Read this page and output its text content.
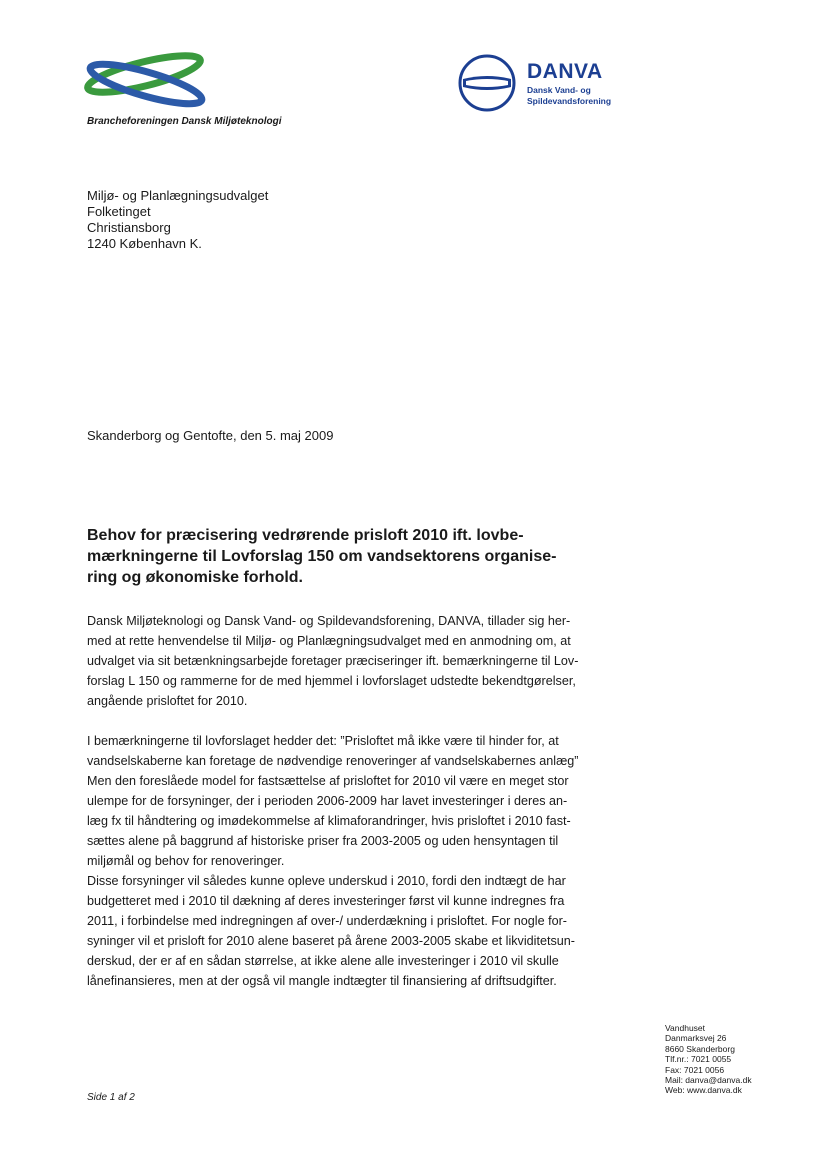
Brancheforeningen Dansk Miljøteknologi
DANVA
Dansk Vand- og
Spildevandsforening
Miljø- og Planlægningsudvalget
Folketinget
Christiansborg
1240 København K.
Skanderborg og Gentofte, den 5. maj 2009
Behov for præcisering vedrørende prisloft 2010 ift. lovbe-
mærkningerne til Lovforslag 150 om vandsektorens organise-
ring og økonomiske forhold.
Dansk Miljøteknologi og Dansk Vand- og Spildevandsforening, DANVA, tillader sig her-
med at rette henvendelse til Miljø- og Planlægningsudvalget med en anmodning om, at
udvalget via sit betænkningsarbejde foretager præciseringer ift. bemærkningerne til Lov-
forslag L 150 og rammerne for de med hjemmel i lovforslaget udstedte bekendtgørelser,
angående prisloftet for 2010.
I bemærkningerne til lovforslaget hedder det: ”Prisloftet må ikke være til hinder for, at
vandselskaberne kan foretage de nødvendige renoveringer af vandselskabernes anlæg”
Men den foreslåede model for fastsættelse af prisloftet for 2010 vil være en meget stor
ulempe for de forsyninger, der i perioden 2006-2009 har lavet investeringer i deres an-
læg fx til håndtering og imødekommelse af klimaforandringer, hvis prisloftet i 2010 fast-
sættes alene på baggrund af historiske priser fra 2003-2005 og uden hensyntagen til
miljømål og behov for renoveringer.
Disse forsyninger vil således kunne opleve underskud i 2010, fordi den indtægt de har
budgetteret med i 2010 til dækning af deres investeringer først vil kunne indregnes fra
2011, i forbindelse med indregningen af over-/ underdækning i prisloftet. For nogle for-
syninger vil et prisloft for 2010 alene baseret på årene 2003-2005 skabe et likviditetsun-
derskud, der er af en sådan størrelse, at ikke alene alle investeringer i 2010 vil skulle
lånefinansieres, men at der også vil mangle indtægter til finansiering af driftsudgifter.
Side 1 af 2
Vandhuset
Danmarksvej 26
8660 Skanderborg
Tlf.nr.: 7021 0055
Fax: 7021 0056
Mail: danva@danva.dk
Web: www.danva.dk
